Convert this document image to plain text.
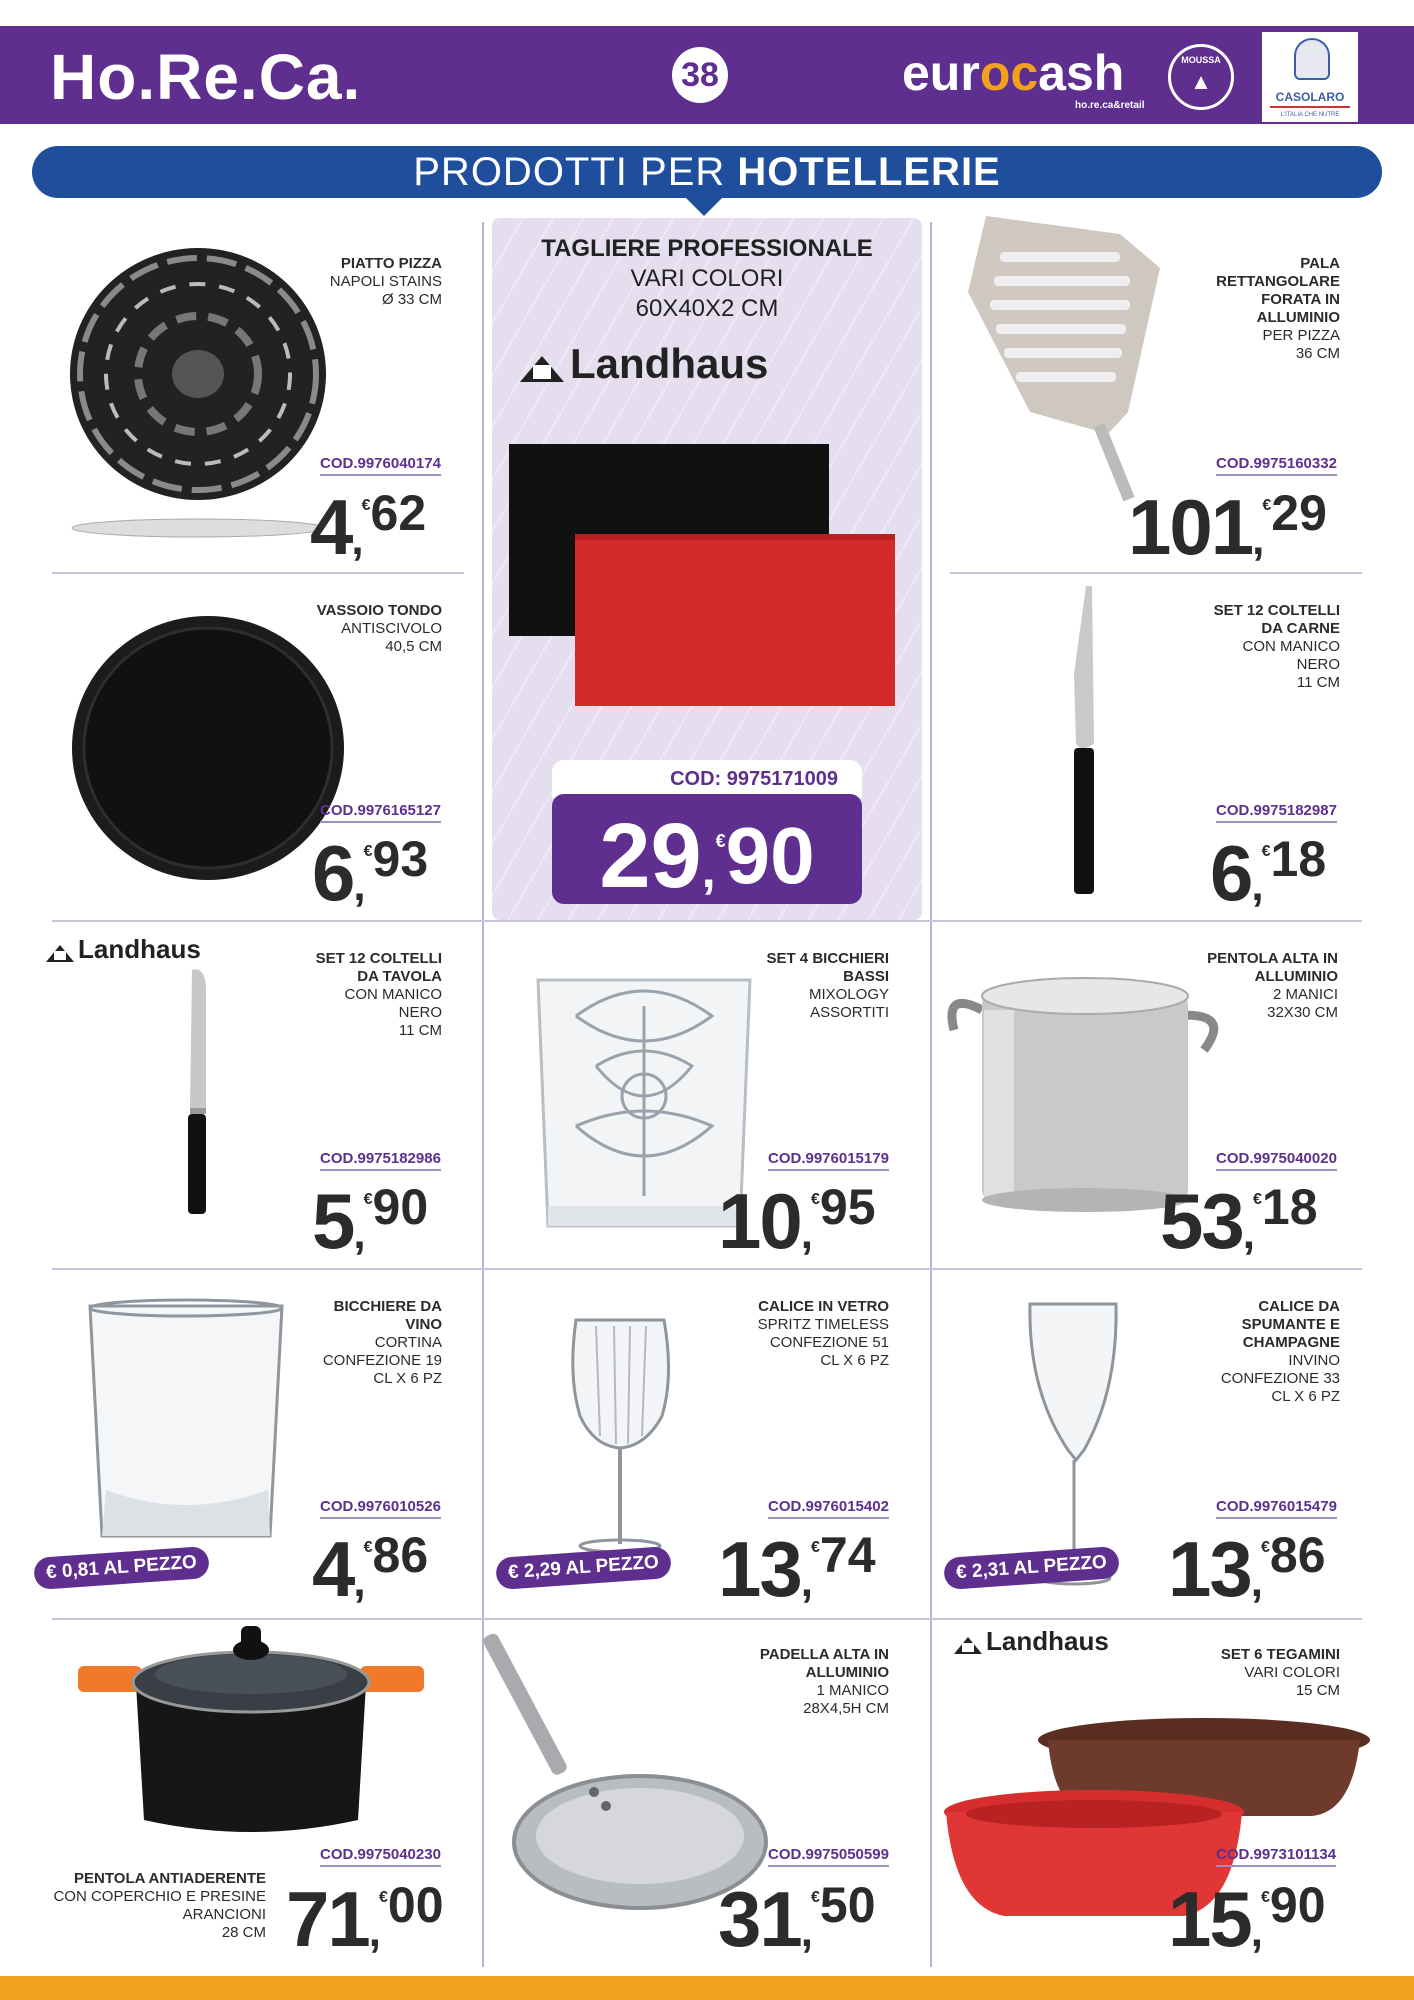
Ho.Re.Ca.	38	eurocash
ho.re.ca&retail
MOUSSA
▲
CASOLARO
L'ITALIA CHE NUTRE
PRODOTTI PER HOTELLERIE
TAGLIERE PROFESSIONALE
VARI COLORI
60X40X2 CM
Landhaus
COD: 9975171009
29,€90
PIATTO PIZZA
NAPOLI STAINS
Ø 33 CM
COD.9976040174
4,€62
PALA
RETTANGOLARE
FORATA IN
ALLUMINIO
PER PIZZA
36 CM
COD.9975160332
101,€29
VASSOIO TONDO
ANTISCIVOLO
40,5 CM
COD.9976165127
6,€93
SET 12 COLTELLI
DA CARNE
CON MANICO
NERO
11 CM
COD.9975182987
6,€18
Landhaus	SET 12 COLTELLI
DA TAVOLA
CON MANICO
NERO
11 CM
COD.9975182986
5,€90
SET 4 BICCHIERI
BASSI
MIXOLOGY
ASSORTITI
COD.9976015179
10,€95
PENTOLA ALTA IN
ALLUMINIO
2 MANICI
32X30 CM
COD.9975040020
53,€18
BICCHIERE DA
VINO
CORTINA
CONFEZIONE 19
CL X 6 PZ
COD.9976010526
4,€86
€ 0,81 AL PEZZO
CALICE IN VETRO
SPRITZ TIMELESS
CONFEZIONE 51
CL X 6 PZ
COD.9976015402
13,€74
€ 2,29 AL PEZZO
CALICE DA
SPUMANTE E
CHAMPAGNE
INVINO
CONFEZIONE 33
CL X 6 PZ
COD.9976015479
13,€86
€ 2,31 AL PEZZO
PENTOLA ANTIADERENTE
CON COPERCHIO E PRESINE
ARANCIONI
28 CM
COD.9975040230
71,€00
PADELLA ALTA IN
ALLUMINIO
1 MANICO
28X4,5H CM
COD.9975050599
31,€50
Landhaus	SET 6 TEGAMINI
VARI COLORI
15 CM
COD.9973101134
15,€90
